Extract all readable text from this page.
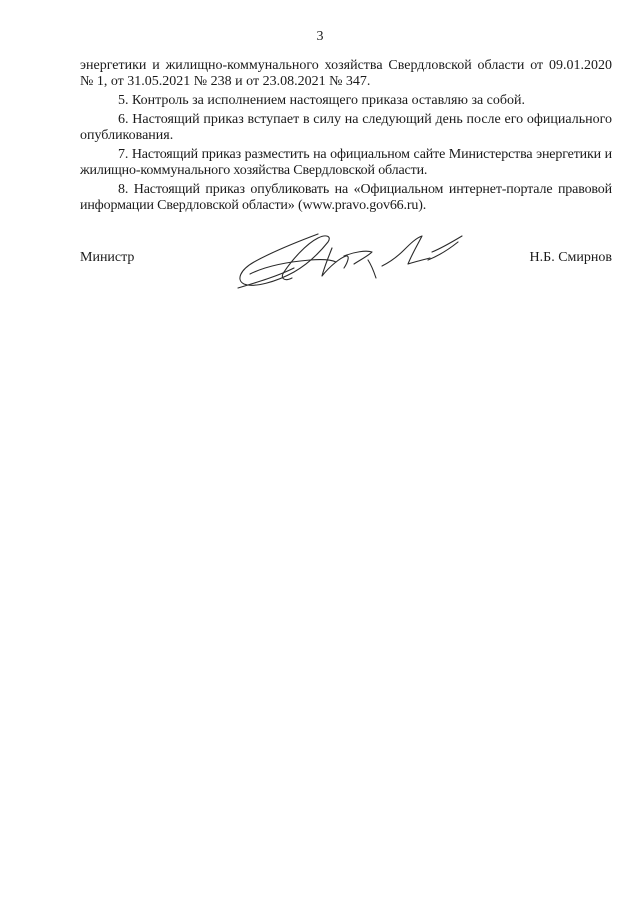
3

энергетики и жилищно-коммунального хозяйства Свердловской области от 09.01.2020 № 1, от 31.05.2021 № 238 и от 23.08.2021 № 347.

5. Контроль за исполнением настоящего приказа оставляю за собой.

6. Настоящий приказ вступает в силу на следующий день после его официального опубликования.

7. Настоящий приказ разместить на официальном сайте Министерства энергетики и жилищно-коммунального хозяйства Свердловской области.

8. Настоящий приказ опубликовать на «Официальном интернет-портале правовой информации Свердловской области» (www.pravo.gov66.ru).

Министр	Н.Б. Смирнов
